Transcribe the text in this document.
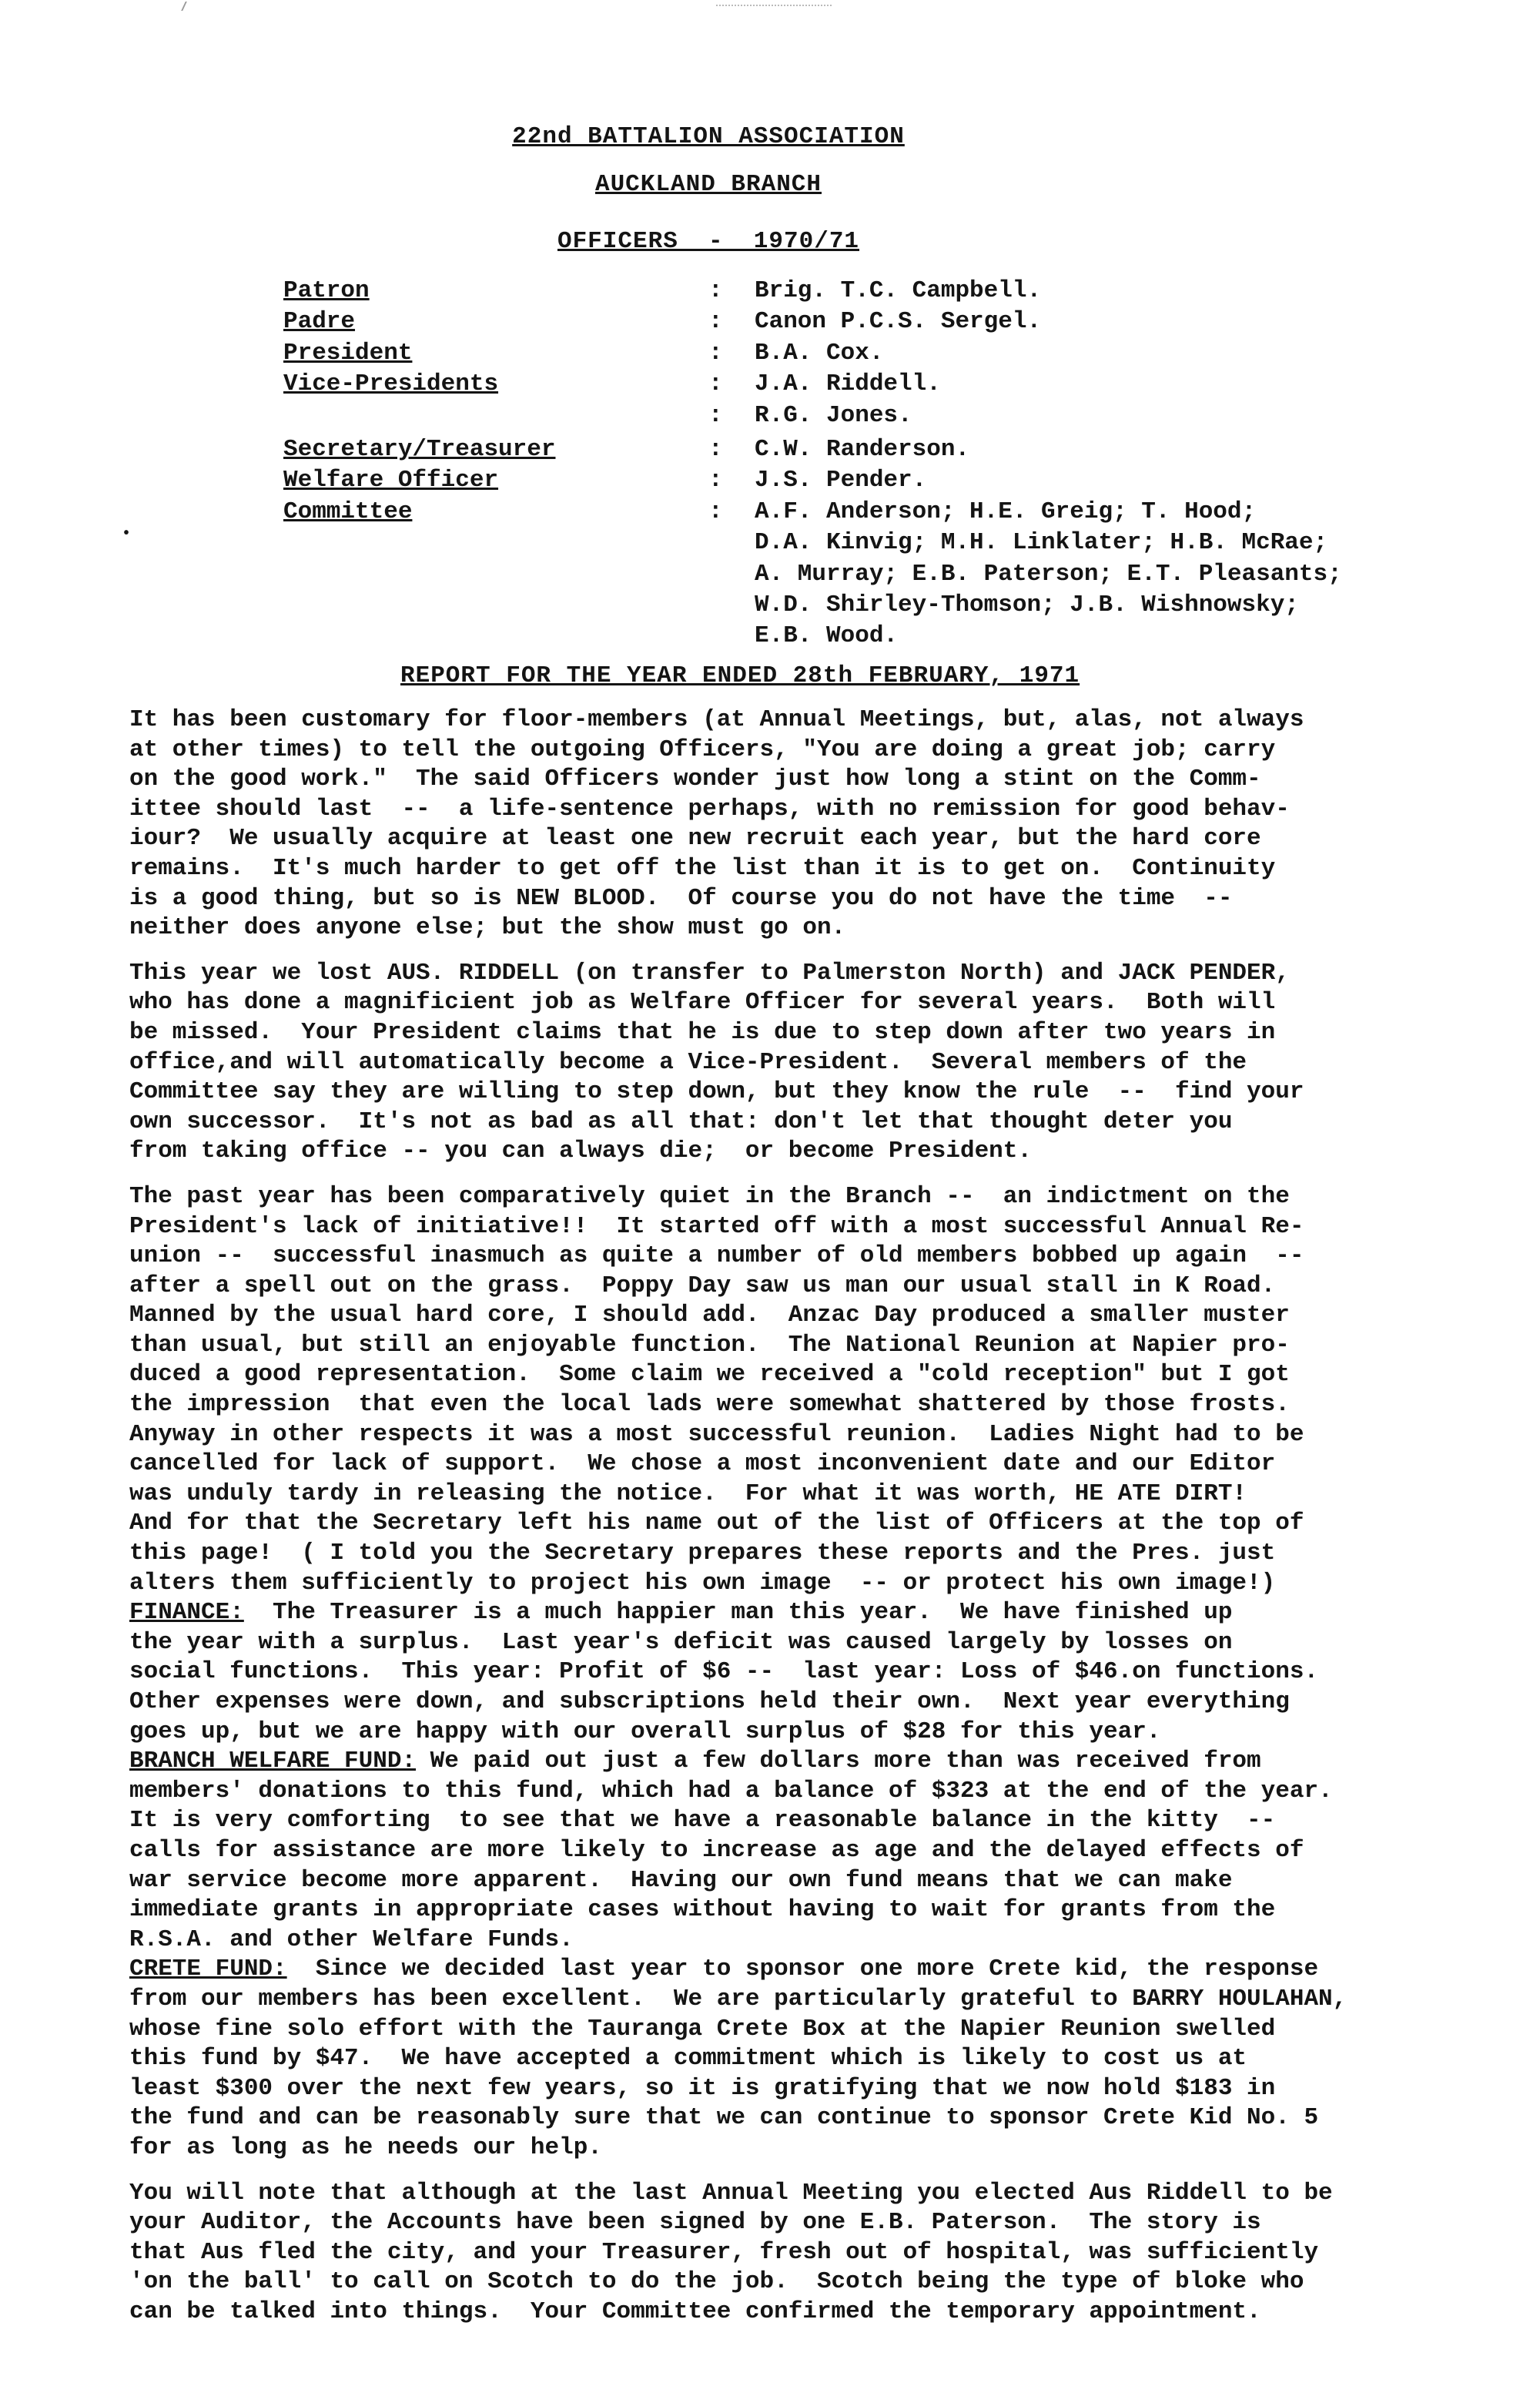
22nd BATTALION ASSOCIATION
AUCKLAND BRANCH
OFFICERS  -  1970/71
Patron	: Brig. T.C. Campbell.
Padre	: Canon P.C.S. Sergel.
President	: B.A. Cox.
Vice-Presidents	: J.A. Riddell.
: R.G. Jones.
Secretary/Treasurer	: C.W. Randerson.
Welfare Officer	: J.S. Pender.
Committee	: A.F. Anderson; H.E. Greig; T. Hood;
D.A. Kinvig; M.H. Linklater; H.B. McRae;
A. Murray; E.B. Paterson; E.T. Pleasants;
W.D. Shirley-Thomson; J.B. Wishnowsky;
E.B. Wood.
•
REPORT FOR THE YEAR ENDED 28th FEBRUARY, 1971
It has been customary for floor-members (at Annual Meetings, but, alas, not always
at other times) to tell the outgoing Officers, "You are doing a great job; carry
on the good work."  The said Officers wonder just how long a stint on the Comm-
ittee should last  --  a life-sentence perhaps, with no remission for good behav-
iour?  We usually acquire at least one new recruit each year, but the hard core
remains.  It's much harder to get off the list than it is to get on.  Continuity
is a good thing, but so is NEW BLOOD.  Of course you do not have the time  --
neither does anyone else; but the show must go on.
This year we lost AUS. RIDDELL (on transfer to Palmerston North) and JACK PENDER,
who has done a magnificient job as Welfare Officer for several years.  Both will
be missed.  Your President claims that he is due to step down after two years in
office,and will automatically become a Vice-President.  Several members of the
Committee say they are willing to step down, but they know the rule  --  find your
own successor.  It's not as bad as all that: don't let that thought deter you
from taking office -- you can always die;  or become President.
The past year has been comparatively quiet in the Branch --  an indictment on the
President's lack of initiative!!  It started off with a most successful Annual Re-
union --  successful inasmuch as quite a number of old members bobbed up again  --
after a spell out on the grass.  Poppy Day saw us man our usual stall in K Road.
Manned by the usual hard core, I should add.  Anzac Day produced a smaller muster
than usual, but still an enjoyable function.  The National Reunion at Napier pro-
duced a good representation.  Some claim we received a "cold reception" but I got
the impression  that even the local lads were somewhat shattered by those frosts.
Anyway in other respects it was a most successful reunion.  Ladies Night had to be
cancelled for lack of support.  We chose a most inconvenient date and our Editor
was unduly tardy in releasing the notice.  For what it was worth, HE ATE DIRT!
And for that the Secretary left his name out of the list of Officers at the top of
this page!  ( I told you the Secretary prepares these reports and the Pres. just
alters them sufficiently to project his own image  -- or protect his own image!)
FINANCE:  The Treasurer is a much happier man this year.  We have finished up
the year with a surplus.  Last year's deficit was caused largely by losses on
social functions.  This year: Profit of $6 --  last year: Loss of $46.on functions.
Other expenses were down, and subscriptions held their own.  Next year everything
goes up, but we are happy with our overall surplus of $28 for this year.
BRANCH WELFARE FUND: We paid out just a few dollars more than was received from
members' donations to this fund, which had a balance of $323 at the end of the year.
It is very comforting  to see that we have a reasonable balance in the kitty  --
calls for assistance are more likely to increase as age and the delayed effects of
war service become more apparent.  Having our own fund means that we can make
immediate grants in appropriate cases without having to wait for grants from the
R.S.A. and other Welfare Funds.
CRETE FUND:  Since we decided last year to sponsor one more Crete kid, the response
from our members has been excellent.  We are particularly grateful to BARRY HOULAHAN,
whose fine solo effort with the Tauranga Crete Box at the Napier Reunion swelled
this fund by $47.  We have accepted a commitment which is likely to cost us at
least $300 over the next few years, so it is gratifying that we now hold $183 in
the fund and can be reasonably sure that we can continue to sponsor Crete Kid No. 5
for as long as he needs our help.
You will note that although at the last Annual Meeting you elected Aus Riddell to be
your Auditor, the Accounts have been signed by one E.B. Paterson.  The story is
that Aus fled the city, and your Treasurer, fresh out of hospital, was sufficiently
'on the ball' to call on Scotch to do the job.  Scotch being the type of bloke who
can be talked into things.  Your Committee confirmed the temporary appointment.
